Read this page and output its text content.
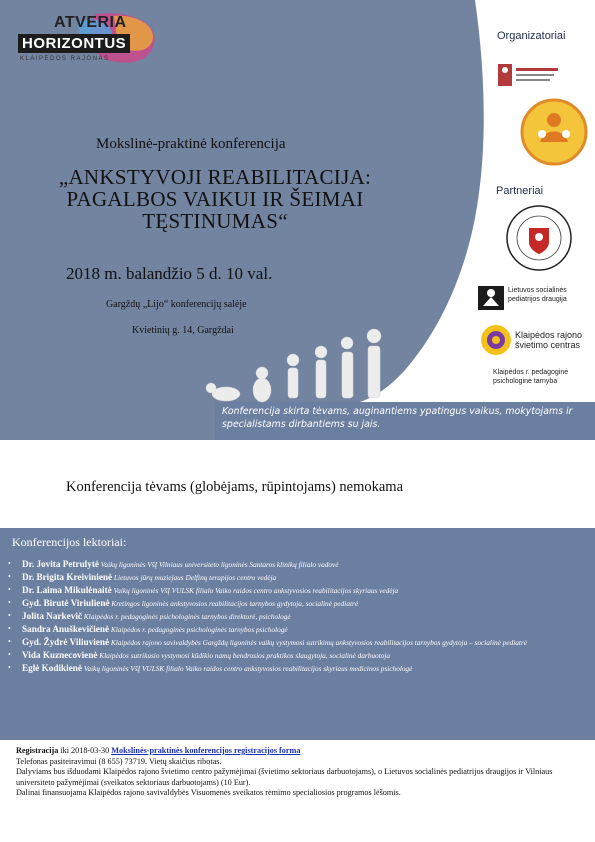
ATVERIA
HORIZONTUS
KLAIPĖDOS RAJONAS
Mokslinė-praktinė konferencija
„ANKSTYVOJI REABILITACIJA: PAGALBOS VAIKUI IR ŠEIMAI TĘSTINUMAS“
2018 m. balandžio 5 d. 10 val.
Gargždų „Lijo“ konferencijų salėje
Kvietinių g. 14, Gargždai
Organizatoriai
Partneriai
Lietuvos socialinės pediatrijos draugija
Klaipėdos rajono švietimo centras
Klaipėdos r. pedagoginė psichologinė tarnyba
Konferencija skirta tėvams, auginantiems ypatingus vaikus, mokytojams ir specialistams dirbantiems su jais.
Konferencija tėvams (globėjams, rūpintojams) nemokama
Konferencijos lektoriai:
• Dr. Jovita Petrulytė Vaikų ligoninės VšĮ Vilniaus universiteto ligoninės Santaros klinikų filialo vadovė
• Dr. Brigita Kreivinienė Lietuvos jūrų muziejaus Delfinų terapijos centro vedėja
• Dr. Laima Mikulėnaitė Vaikų ligoninės VšĮ VULSK filialo Vaiko raidos centro ankstyvosios reabilitacijos skyriaus vedėja
• Gyd. Birutė Viriulienė Kretingos ligoninės ankstyvosios reabilitacijos tarnybos gydytoja, socialinė pediatrė
• Jolita Narkevič Klaipėdos r. pedagoginės psichologinės tarnybos direktorė, psichologė
• Sandra Anuškevičienė Klaipėdos r. pedagoginės psichologinės tarnybos psichologė
• Gyd. Žydrė Viliuvienė Klaipėdos rajono savivaldybės Gargždų ligoninės vaikų vystymosi sutrikimų ankstyvosios reabilitacijos tarnybos gydytoja – socialinė pediatrė
• Vida Kuznecovienė Klaipėdos sutrikusio vystymosi kūdikio namų bendrosios praktikos slaugytoja, socialinė darbuotoja
• Eglė Kodikienė Vaikų ligoninės VšĮ VULSK filialo Vaiko raidos centro ankstyvosios reabilitacijos skyriaus medicinos psichologė
Registracija iki 2018-03-30 Mokslinės-praktinės konferencijos registracijos forma
Telefonas pasiteiravimui (8 655) 73719. Vietų skaičius ribotas.
Dalyviams bus išduodami Klaipėdos rajono švietimo centro pažymėjimai (švietimo sektoriaus darbuotojams), o Lietuvos socialinės pediatrijos draugijos ir Vilniaus universiteto pažymėjimai (sveikatos sektoriaus darbuotojams) (10 Eur).
Dalinai finansuojama Klaipėdos rajono savivaldybės Visuomenės sveikatos rėmimo specialiosios programos lėšomis.
